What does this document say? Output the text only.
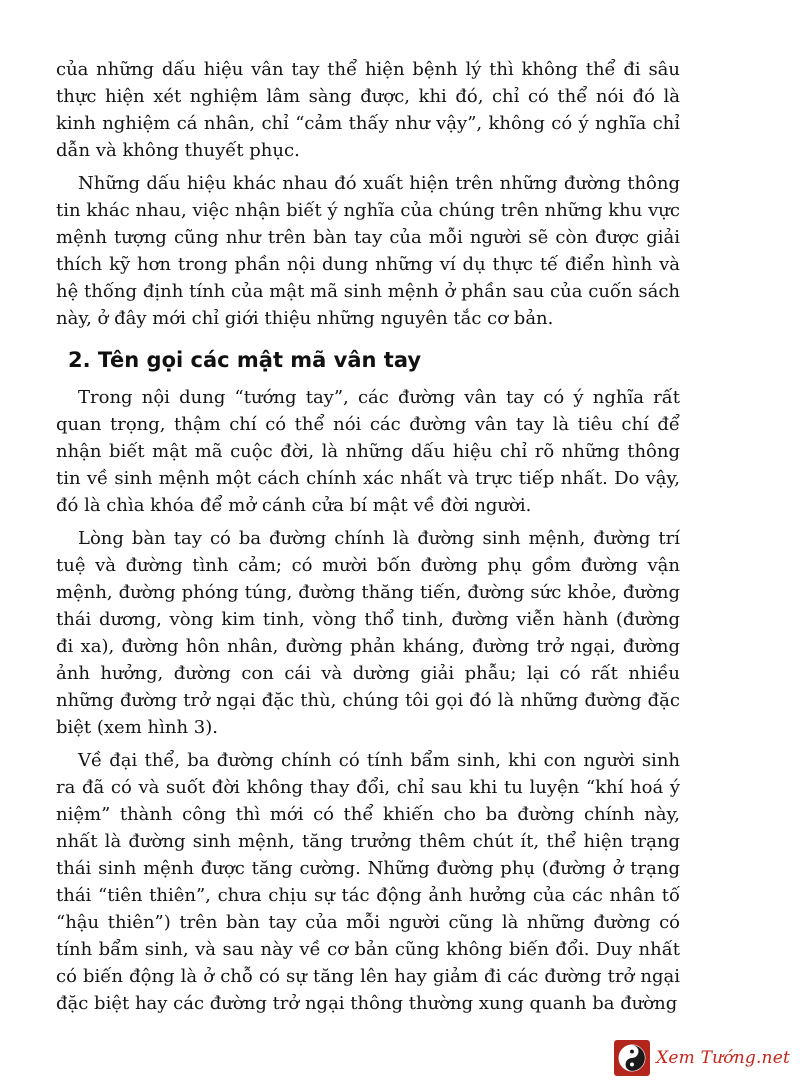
của những dấu hiệu vân tay thể hiện bệnh lý thì không thể đi sâu thực hiện xét nghiệm lâm sàng được, khi đó, chỉ có thể nói đó là kinh nghiệm cá nhân, chỉ “cảm thấy như vậy”, không có ý nghĩa chỉ dẫn và không thuyết phục.

Những dấu hiệu khác nhau đó xuất hiện trên những đường thông tin khác nhau, việc nhận biết ý nghĩa của chúng trên những khu vực mệnh tượng cũng như trên bàn tay của mỗi người sẽ còn được giải thích kỹ hơn trong phần nội dung những ví dụ thực tế điển hình và hệ thống định tính của mật mã sinh mệnh ở phần sau của cuốn sách này, ở đây mới chỉ giới thiệu những nguyên tắc cơ bản.

2. Tên gọi các mật mã vân tay

Trong nội dung “tướng tay”, các đường vân tay có ý nghĩa rất quan trọng, thậm chí có thể nói các đường vân tay là tiêu chí để nhận biết mật mã cuộc đời, là những dấu hiệu chỉ rõ những thông tin về sinh mệnh một cách chính xác nhất và trực tiếp nhất. Do vậy, đó là chìa khóa để mở cánh cửa bí mật về đời người.

Lòng bàn tay có ba đường chính là đường sinh mệnh, đường trí tuệ và đường tình cảm; có mười bốn đường phụ gồm đường vận mệnh, đường phóng túng, đường thăng tiến, đường sức khỏe, đường thái dương, vòng kim tinh, vòng thổ tinh, đường viễn hành (đường đi xa), đường hôn nhân, đường phản kháng, đường trở ngại, đường ảnh hưởng, đường con cái và dường giải phẫu; lại có rất nhiều những đường trở ngại đặc thù, chúng tôi gọi đó là những đường đặc biệt (xem hình 3).

Về đại thể, ba đường chính có tính bẩm sinh, khi con người sinh ra đã có và suốt đời không thay đổi, chỉ sau khi tu luyện “khí hoá ý niệm” thành công thì mới có thể khiến cho ba đường chính này, nhất là đường sinh mệnh, tăng trưởng thêm chút ít, thể hiện trạng thái sinh mệnh được tăng cường. Những đường phụ (đường ở trạng thái “tiên thiên”, chưa chịu sự tác động ảnh hưởng của các nhân tố “hậu thiên”) trên bàn tay của mỗi người cũng là những đường có tính bẩm sinh, và sau này về cơ bản cũng không biến đổi. Duy nhất có biến động là ở chỗ có sự tăng lên hay giảm đi các đường trở ngại đặc biệt hay các đường trở ngại thông thường xung quanh ba đường

Xem Tướng.net
